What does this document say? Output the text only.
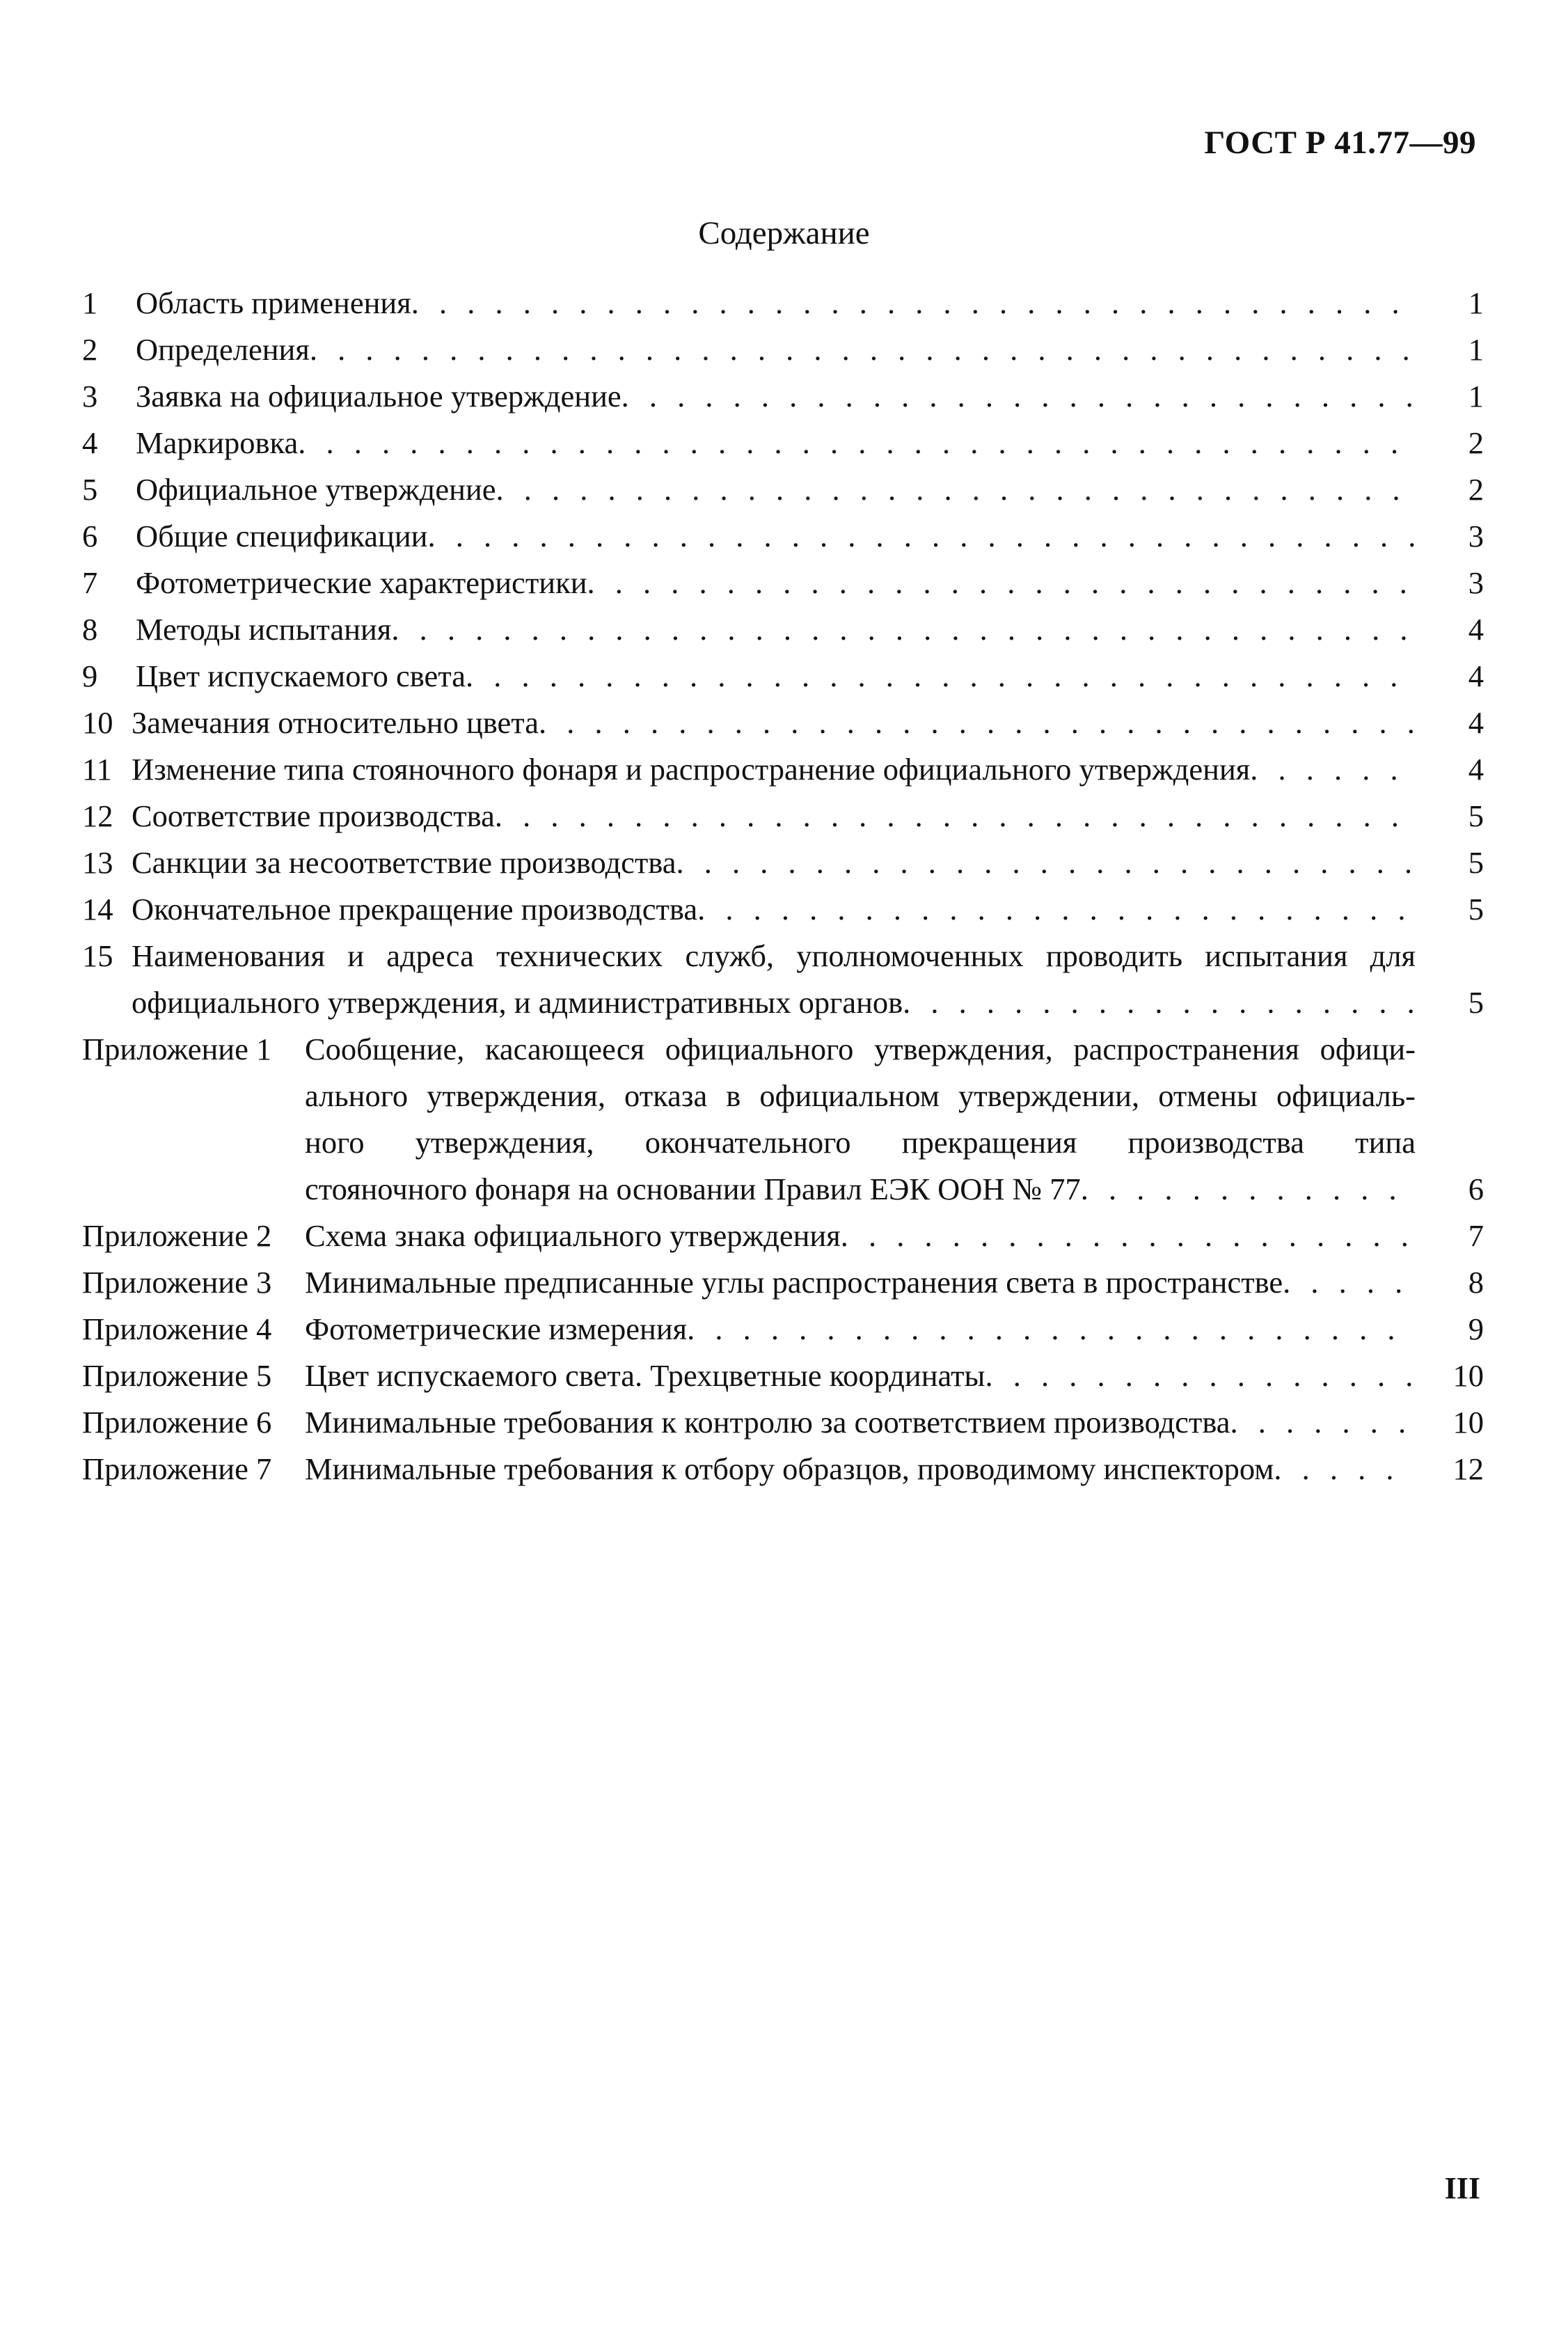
ГОСТ Р 41.77—99
Содержание
1	Область применения . . .	1
2	Определения . . .	1
3	Заявка на официальное утверждение . . .	1
4	Маркировка . . .	2
5	Официальное утверждение . . .	2
6	Общие спецификации . . .	3
7	Фотометрические характеристики . . .	3
8	Методы испытания . . .	4
9	Цвет испускаемого света . . .	4
10 Замечания относительно цвета . . .	4
11 Изменение типа стояночного фонаря и распространение официального утверждения . . .	4
12 Соответствие производства . . .	5
13 Санкции за несоответствие производства . . .	5
14 Окончательное прекращение производства . . .	5
15 Наименования и адреса технических служб, уполномоченных проводить испытания для
официального утверждения, и административных органов . . .	5
Приложение 1	Сообщение, касающееся официального утверждения, распространения офици-
ального утверждения, отказа в официальном утверждении, отмены официаль-
ного утверждения, окончательного прекращения производства типа
стояночного фонаря на основании Правил ЕЭК ООН № 77 . . .	6
Приложение 2	Схема знака официального утверждения . . .	7
Приложение 3	Минимальные предписанные углы распространения света в пространстве . . .	8
Приложение 4	Фотометрические измерения . . .	9
Приложение 5	Цвет испускаемого света. Трехцветные координаты . . .	10
Приложение 6	Минимальные требования к контролю за соответствием производства . . .	10
Приложение 7	Минимальные требования к отбору образцов, проводимому инспектором . . .	12
III
